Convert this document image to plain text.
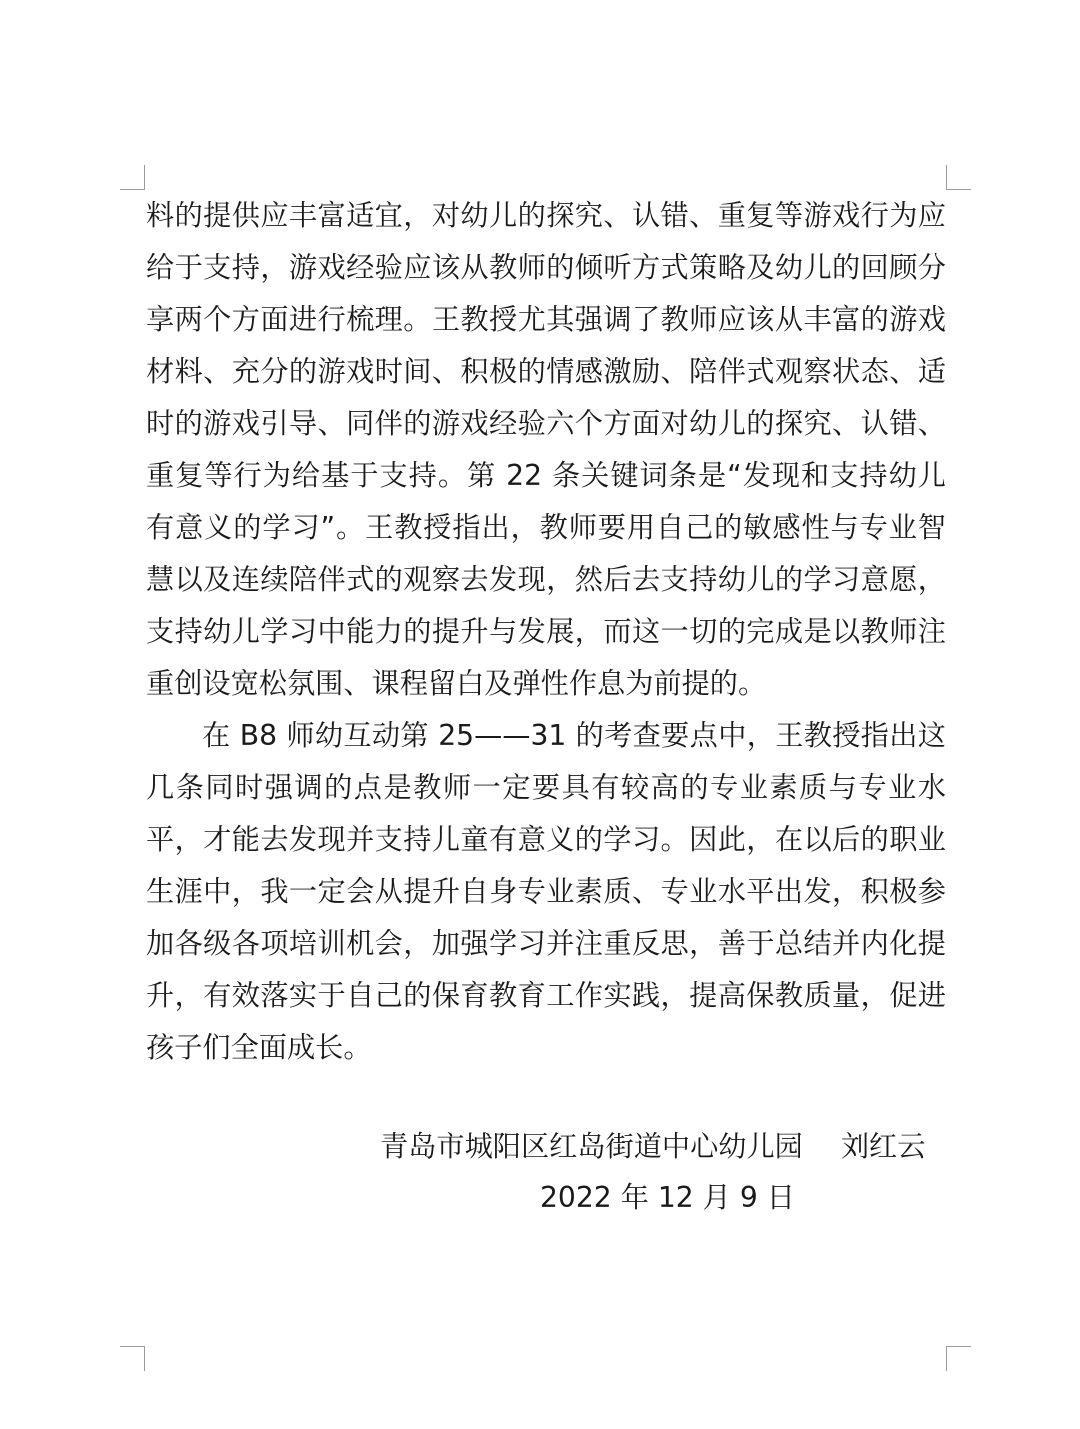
料的提供应丰富适宜，对幼儿的探究、认错、重复等游戏行为应
给于支持，游戏经验应该从教师的倾听方式策略及幼儿的回顾分
享两个方面进行梳理。王教授尤其强调了教师应该从丰富的游戏
材料、充分的游戏时间、积极的情感激励、陪伴式观察状态、适
时的游戏引导、同伴的游戏经验六个方面对幼儿的探究、认错、
重复等行为给基于支持。第 22 条关键词条是“发现和支持幼儿
有意义的学习”。王教授指出，教师要用自己的敏感性与专业智
慧以及连续陪伴式的观察去发现，然后去支持幼儿的学习意愿，
支持幼儿学习中能力的提升与发展，而这一切的完成是以教师注
重创设宽松氛围、课程留白及弹性作息为前提的。
在 B8 师幼互动第 25——31 的考查要点中，王教授指出这
几条同时强调的点是教师一定要具有较高的专业素质与专业水
平，才能去发现并支持儿童有意义的学习。因此，在以后的职业
生涯中，我一定会从提升自身专业素质、专业水平出发，积极参
加各级各项培训机会，加强学习并注重反思，善于总结并内化提
升，有效落实于自己的保育教育工作实践，提高保教质量，促进
孩子们全面成长。
青岛市城阳区红岛街道中心幼儿园 刘红云
2022 年 12 月 9 日
